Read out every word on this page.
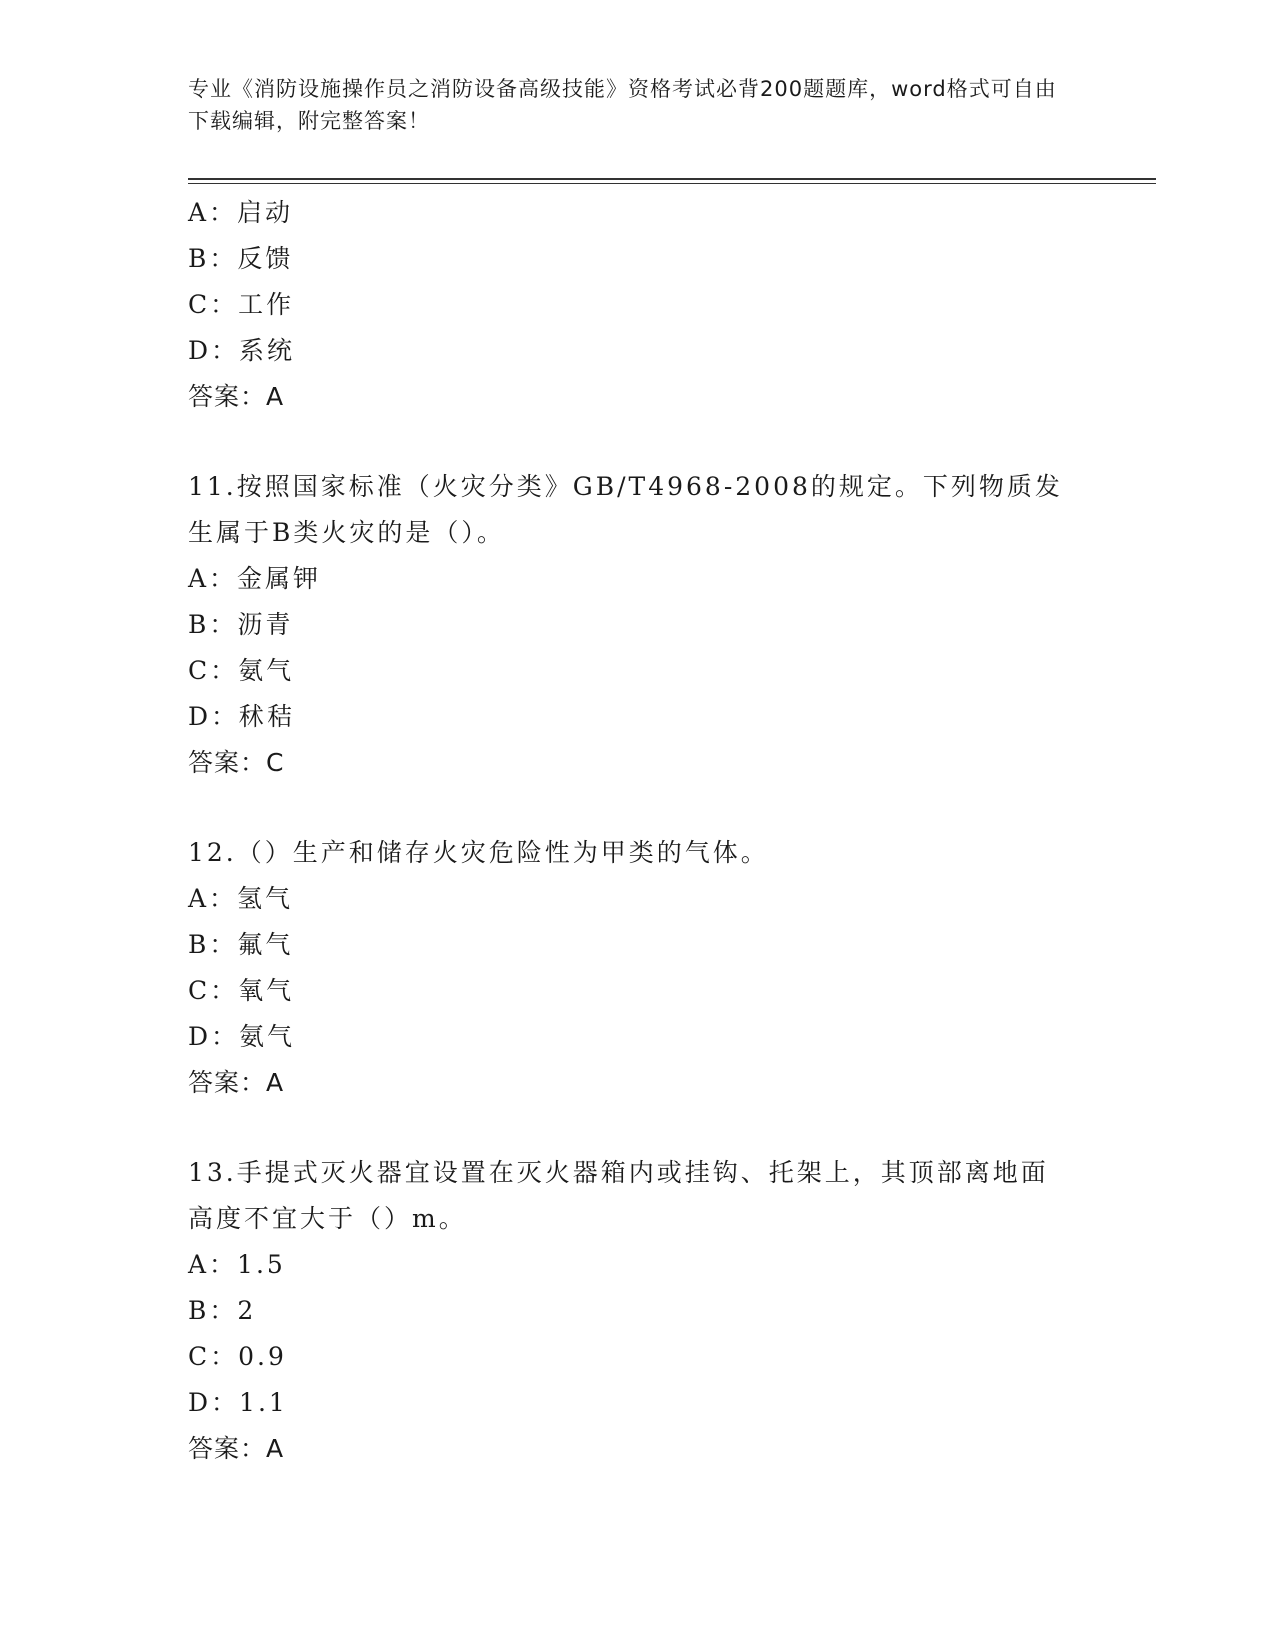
专业《消防设施操作员之消防设备高级技能》资格考试必背200题题库，word格式可自由下载编辑，附完整答案！
A：启动
B：反馈
C：工作
D：系统
答案：A
11.按照国家标准（火灾分类》GB/T4968-2008的规定。下列物质发生属于B类火灾的是（）。
A：金属钾
B：沥青
C：氨气
D：秫秸
答案：C
12.（）生产和储存火灾危险性为甲类的气体。
A：氢气
B：氟气
C：氧气
D：氨气
答案：A
13.手提式灭火器宜设置在灭火器箱内或挂钩、托架上，其顶部离地面高度不宜大于（）m。
A：1.5
B：2
C：0.9
D：1.1
答案：A
